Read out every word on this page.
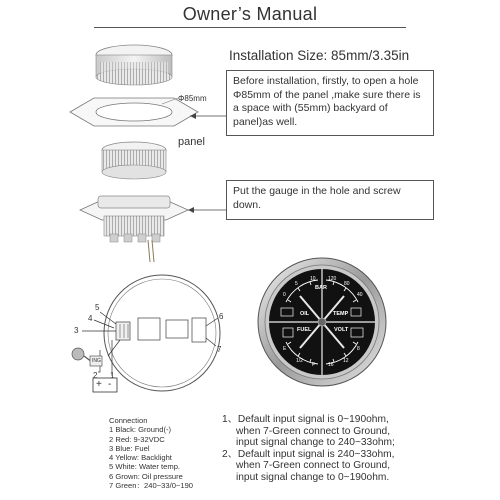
Owner’s Manual
Installation Size: 85mm/3.35in
Φ85mm
panel
Before installation, firstly, to open a hole Φ85mm of the panel ,make sure there is a space with (55mm) backyard of panel)as well.
Put the gauge in the hole and screw down.
5
3
4
2 1
6
7
ING
+ -
OIL
BAR
TEMP
FUEL	VOLT
0
10
5
40
120
80
E
1/2
F
8
12
16
Connection
1 Black: Ground(-)
2 Red: 9-32VDC
3 Blue: Fuel
4 Yellow: Backlight
5 White: Water temp.
6 Grown: Oil pressure
7 Green：240~33/0~190

1、Default input signal is 0~190ohm,

when 7-Green connect to Ground,

input signal change to 240~33ohm;

2、Default input signal is 240~33ohm,

when 7-Green connect to Ground,

input signal change to 0~190ohm.
